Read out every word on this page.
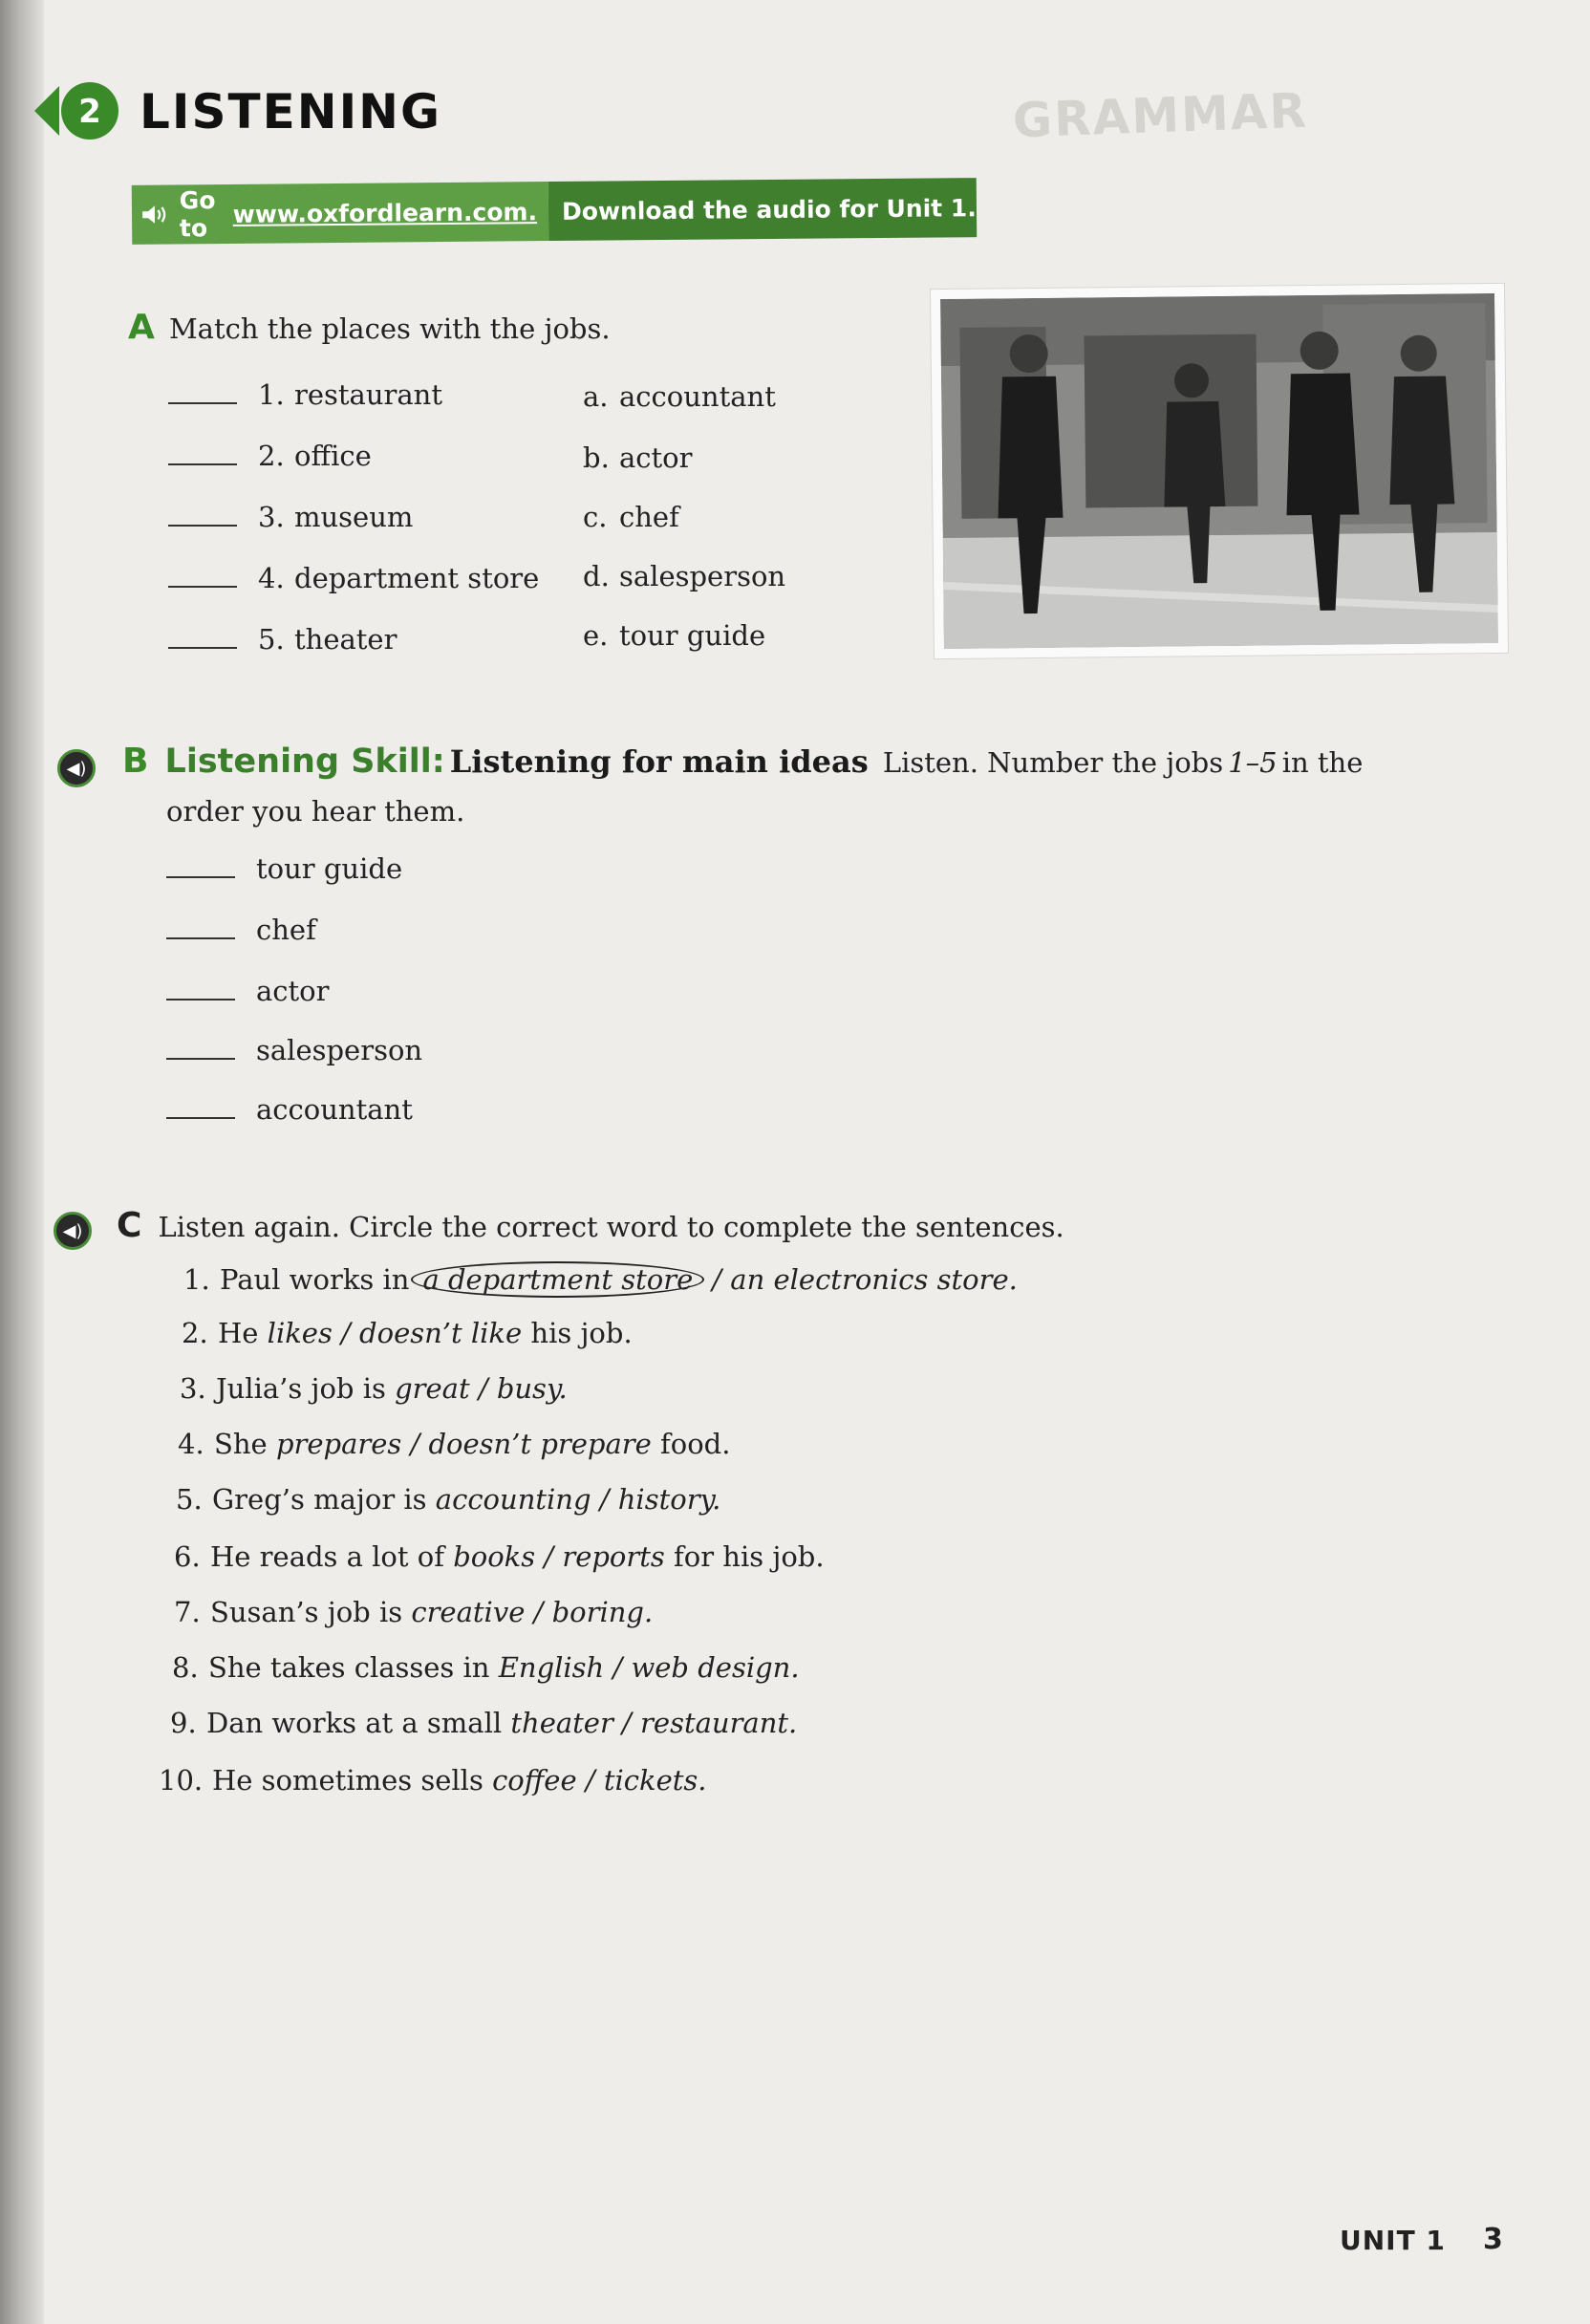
GRAMMAR
2 LISTENING
Go to
www.oxfordlearn.com.	Download the audio for Unit 1.
A Match the places with the jobs.
1. restaurant
2. office
3. museum
4. department store
5. theater
a. accountant
b. actor
c. chef
d. salesperson
e. tour guide
◀) B Listening Skill: Listening for main ideas Listen. Number the jobs 1–5 in the
order you hear them.
tour guide
chef
actor
salesperson
accountant
◀) C Listen again. Circle the correct word to complete the sentences.
1. Paul works in a department store / an electronics store.
2. He likes / doesn’t like his job.
3. Julia’s job is great / busy.
4. She prepares / doesn’t prepare food.
5. Greg’s major is accounting / history.
6. He reads a lot of books / reports for his job.
7. Susan’s job is creative / boring.
8. She takes classes in English / web design.
9. Dan works at a small theater / restaurant.
10. He sometimes sells coffee / tickets.
UNIT 1 3
